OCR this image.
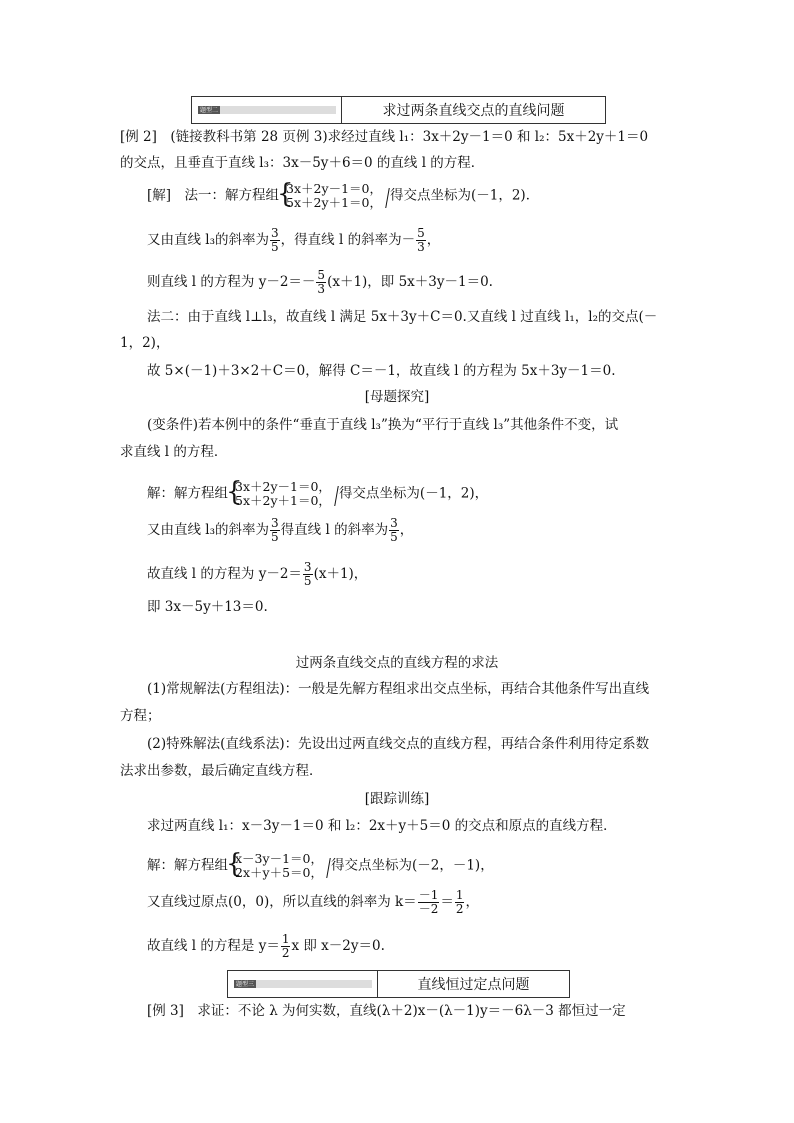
题型二	求过两条直线交点的直线问题
[例 2]　(链接教科书第 28 页例 3)求经过直线 l₁：3x＋2y－1＝0 和 l₂：5x＋2y＋1＝0
的交点，且垂直于直线 l₃：3x－5y＋6＝0 的直线 l 的方程．
[解]　法一：解方程组 { 3x＋2y－1＝0，
5x＋2y＋1＝0， 得交点坐标为(－1，2)．
又由直线 l₃的斜率为 $\frac{3}{5}$ ，得直线 l 的斜率为－ $\frac{5}{3}$ ，
则直线 l 的方程为 $y-2=- \frac{5}{3} (x+1)$，即 5x＋3y－1＝0.
法二：由于直线 l⊥l₃，故直线 l 满足 5x＋3y＋C＝0.又直线 l 过直线 l₁，l₂的交点(－
1，2)，
故 5×(－1)＋3×2＋C＝0，解得 C＝－1，故直线 l 的方程为 5x＋3y－1＝0.
[母题探究]
(变条件)若本例中的条件“垂直于直线 l₃”换为“平行于直线 l₃”其他条件不变，试
求直线 l 的方程．
解：解方程组 { 3x＋2y－1＝0，
5x＋2y＋1＝0， 得交点坐标为(－1，2)，
又由直线 l₃的斜率为 $\frac{3}{5}$ 得直线 l 的斜率为 $\frac{3}{5}$ ，
故直线 l 的方程为 $y-2= \frac{3}{5} (x+1)$，
即 3x－5y＋13＝0.
过两条直线交点的直线方程的求法
(1)常规解法(方程组法)：一般是先解方程组求出交点坐标，再结合其他条件写出直线
方程；
(2)特殊解法(直线系法)：先设出过两直线交点的直线方程，再结合条件利用待定系数
法求出参数，最后确定直线方程．
[跟踪训练]
求过两直线 l₁：x－3y－1＝0 和 l₂：2x＋y＋5＝0 的交点和原点的直线方程．
解：解方程组 { x－3y－1＝0，
2x＋y＋5＝0， 得交点坐标为(－2，－1)，
又直线过原点(0，0)，所以直线的斜率为 $k= \frac{-1}{-2} = \frac{1}{2}$ ，
故直线 l 的方程是 $y= \frac{1}{2}$ x 即 x－2y＝0.
题型三	直线恒过定点问题
[例 3]　求证：不论 λ 为何实数，直线(λ＋2)x－(λ－1)y＝－6λ－3 都恒过一定
